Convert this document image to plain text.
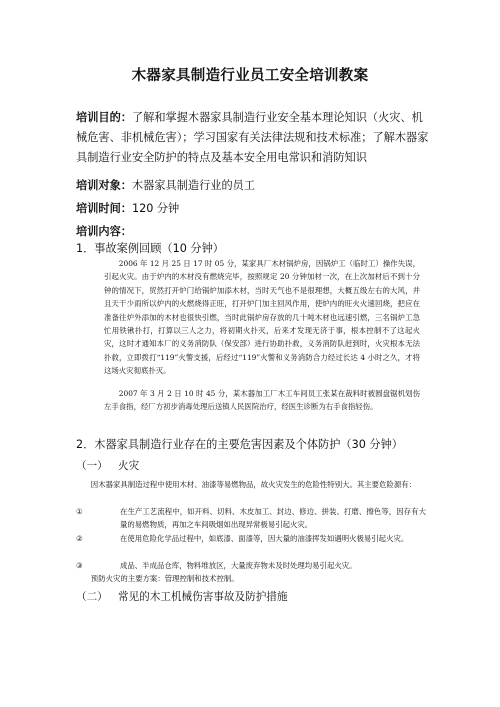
木器家具制造行业员工安全培训教案
培训目的：了解和掌握木器家具制造行业安全基本理论知识（火灾、机械危害、非机械危害）；学习国家有关法律法规和技术标准；了解木器家具制造行业安全防护的特点及基本安全用电常识和消防知识
培训对象：木器家具制造行业的员工
培训时间：120 分钟
培训内容：
1．事故案例回顾（10 分钟）
2006 年 12 月 25 日 17 时 05 分，某家具厂木材锅炉房，因锅炉工（临时工）操作失误，引起火灾。由于炉内的木材没有燃烧完毕，按照规定 20 分钟加材一次，在上次加材后不到十分钟的情况下，贸然打开炉门给锅炉加添木材，当时天气也不是很理想，大概五级左右的大风，并且天干少雨所以炉内的火燃烧得正旺，打开炉门加主回风作用，使炉内的旺火火速回烧，把应在准备往炉外添加的木材也很快引燃，当时此锅炉房存放的几十吨木材也远速引燃，三名锅炉工急忙用铁锹扑打，打算以三人之力，将初期火扑灭，后来才发现无济于事，根本控制不了这起火灾，这时才通知本厂的义务消防队（保安部）进行协助扑救，义务消防队赶到时，火灾根本无法扑救，立即拨打“119”火警支援，后经过“119”火警和义务消防合力经过长达 4 小时之久，才将这场火灾彻底扑灭。
2007 年 3 月 2 日 10 时 45 分，某木器加工厂木工车间员工张某在裁料时被圆盘锯机划伤左手食指，经厂方初步消毒处理后送镇人民医院治疗，经医生诊断为右手食指轻伤。
2．木器家具制造行业存在的主要危害因素及个体防护（30 分钟）
（一） 火灾
因木器家具制造过程中使用木材、油漆等易燃物品，故火灾发生的危险性特别大。其主要危险源有：
①	在生产工艺流程中，如开料、切料、木皮加工、封边、修边、拼装、打磨、擦色等，因存有大量的易燃物质，再加之车间吸烟如出现异常极易引起火灾。
②	在使用危险化学品过程中，如底漆、面漆等，因大量的油漆挥发如遇明火极易引起火灾。
③	成品、半成品仓库，物料堆放区，大量废弃物未及时处理均易引起火灾。
预防火灾的主要方案：管理控制和技术控制。
（二） 常见的木工机械伤害事故及防护措施
